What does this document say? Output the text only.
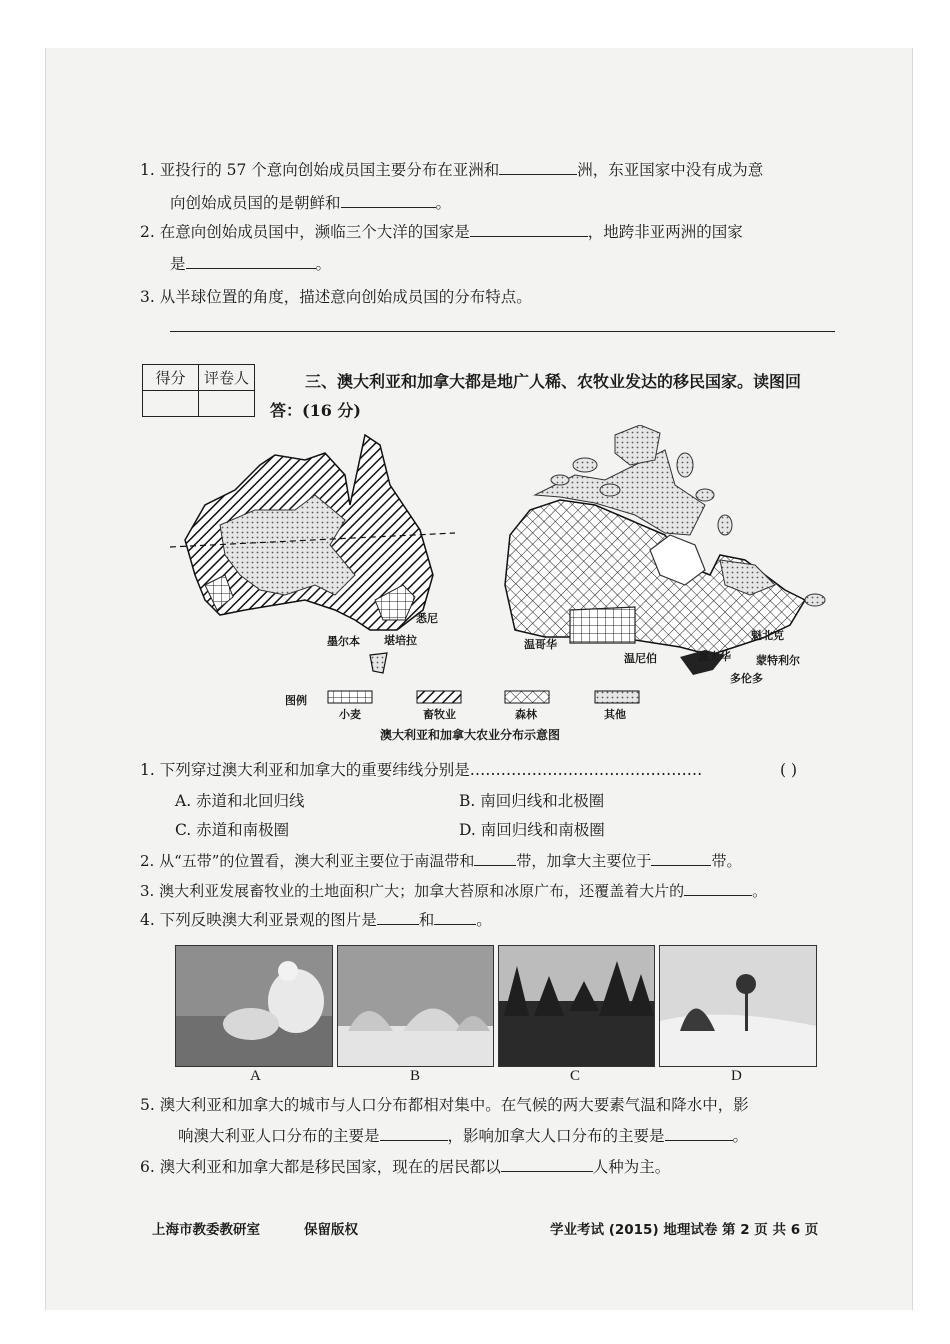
1. 亚投行的 57 个意向创始成员国主要分布在亚洲和	洲，东亚国家中没有成为意
向创始成员国的是朝鲜和	。
2. 在意向创始成员国中，濒临三个大洋的国家是	，地跨非亚两洲的国家
是	。
3. 从半球位置的角度，描述意向创始成员国的分布特点。
得分	评卷人
		三、澳大利亚和加拿大都是地广人稀、农牧业发达的移民国家。读图回
答：(16 分)
悉尼
墨尔本 堪培拉	温哥华
温尼伯	渥太华
魁北克
蒙特利尔
多伦多
图例
小麦	畜牧业	森林	其他
澳大利亚和加拿大农业分布示意图
1. 下列穿过澳大利亚和加拿大的重要纬线分别是………………………………………	( )
A. 赤道和北回归线	B. 南回归线和北极圈
C. 赤道和南极圈	D. 南回归线和南极圈
2. 从“五带”的位置看，澳大利亚主要位于南温带和	带，加拿大主要位于	带。
3. 澳大利亚发展畜牧业的土地面积广大；加拿大苔原和冰原广布，还覆盖着大片的	。
4. 下列反映澳大利亚景观的图片是	和	。
A	B	C	D
5. 澳大利亚和加拿大的城市与人口分布都相对集中。在气候的两大要素气温和降水中，影
响澳大利亚人口分布的主要是	，影响加拿大人口分布的主要是	。
6. 澳大利亚和加拿大都是移民国家，现在的居民都以	人种为主。
上海市教委教研室	保留版权	学业考试 (2015) 地理试卷 第 2 页 共 6 页
